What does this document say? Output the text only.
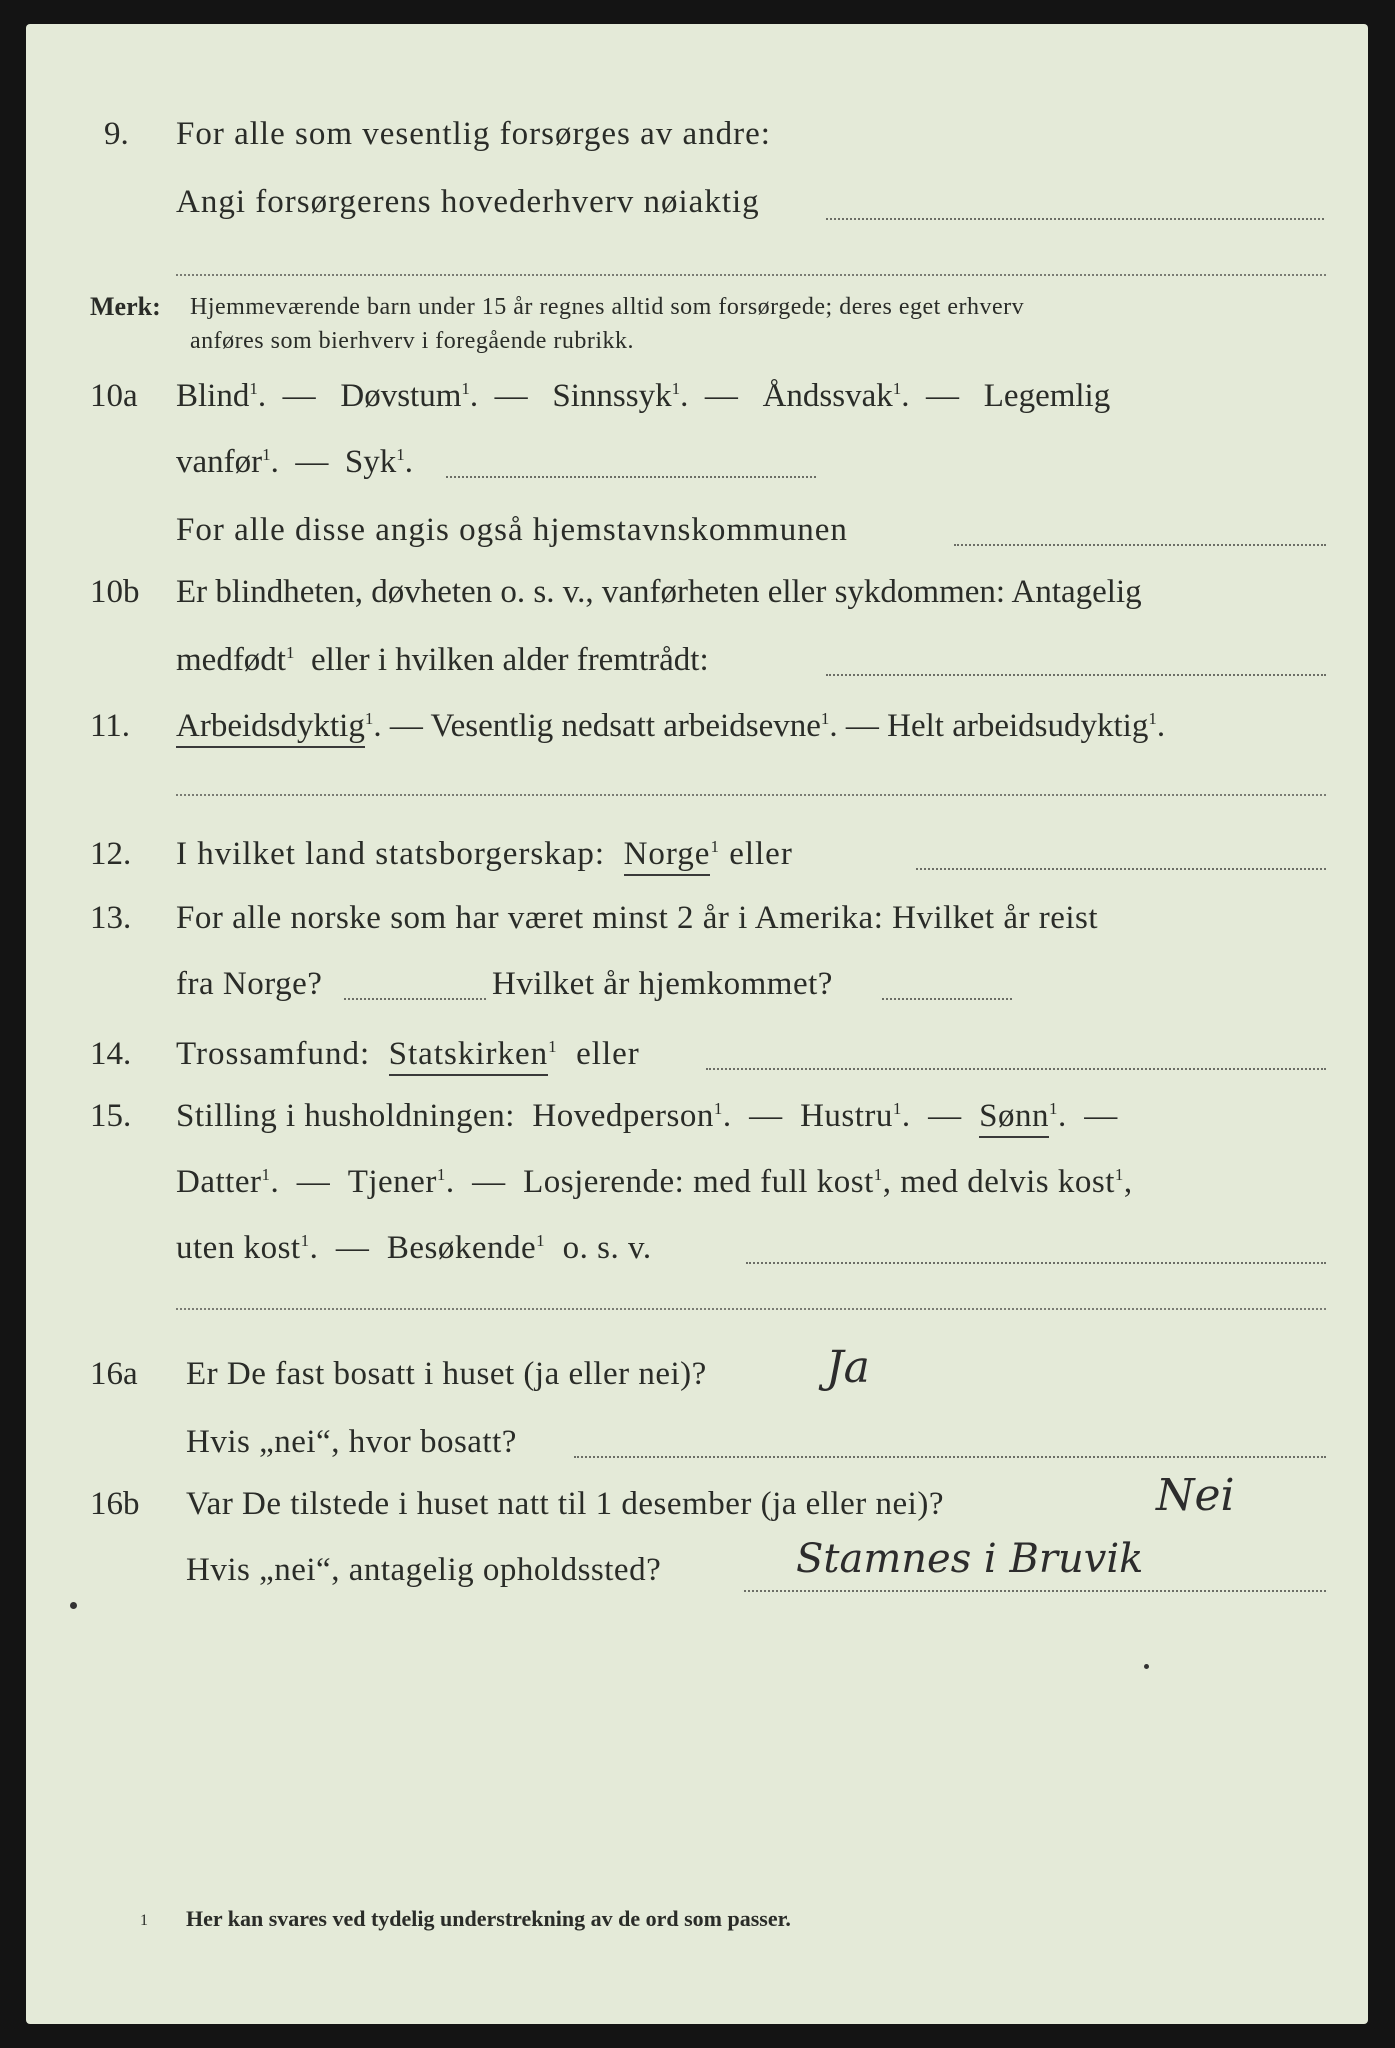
9. For alle som vesentlig forsørges av andre:
Angi forsørgerens hovederhverv nøiaktig
Merk: Hjemmeværende barn under 15 år regnes alltid som forsørgede; deres eget erhverv
anføres som bierhverv i foregående rubrikk.
10a Blind$^1$.  — Døvstum$^1$.  — Sinnssyk$^1$.  — Åndssvak$^1$.  — Legemlig
vanfør$^1$.  — Syk$^1$.
For alle disse angis også hjemstavnskommunen
10b Er blindheten, døvheten o. s. v., vanførheten eller sykdommen: Antagelig
medfødt$^1$ eller i hvilken alder fremtrådt:
11. Arbeidsdyktig$^1$. — Vesentlig nedsatt arbeidsevne$^1$. — Helt arbeidsudyktig$^1$.
12. I hvilket land statsborgerskap: Norge$^1$ eller
13. For alle norske som har været minst 2 år i Amerika: Hvilket år reist
fra Norge?	Hvilket år hjemkommet?
14. Trossamfund: Statskirken$^1$ eller
15. Stilling i husholdningen: Hovedperson$^1$.  — Hustru$^1$.  — Sønn$^1$.  —
Datter$^1$.  — Tjener$^1$.  — Losjerende: med full kost$^1$, med delvis kost$^1$,
uten kost$^1$.  — Besøkende$^1$ o. s. v.
16a Er De fast bosatt i huset (ja eller nei)?	Ja
Hvis „nei“, hvor bosatt?
16b Var De tilstede i huset natt til 1 desember (ja eller nei)?	Nei
Hvis „nei“, antagelig opholdssted?	Stamnes i Bruvik
1 Her kan svares ved tydelig understrekning av de ord som passer.
